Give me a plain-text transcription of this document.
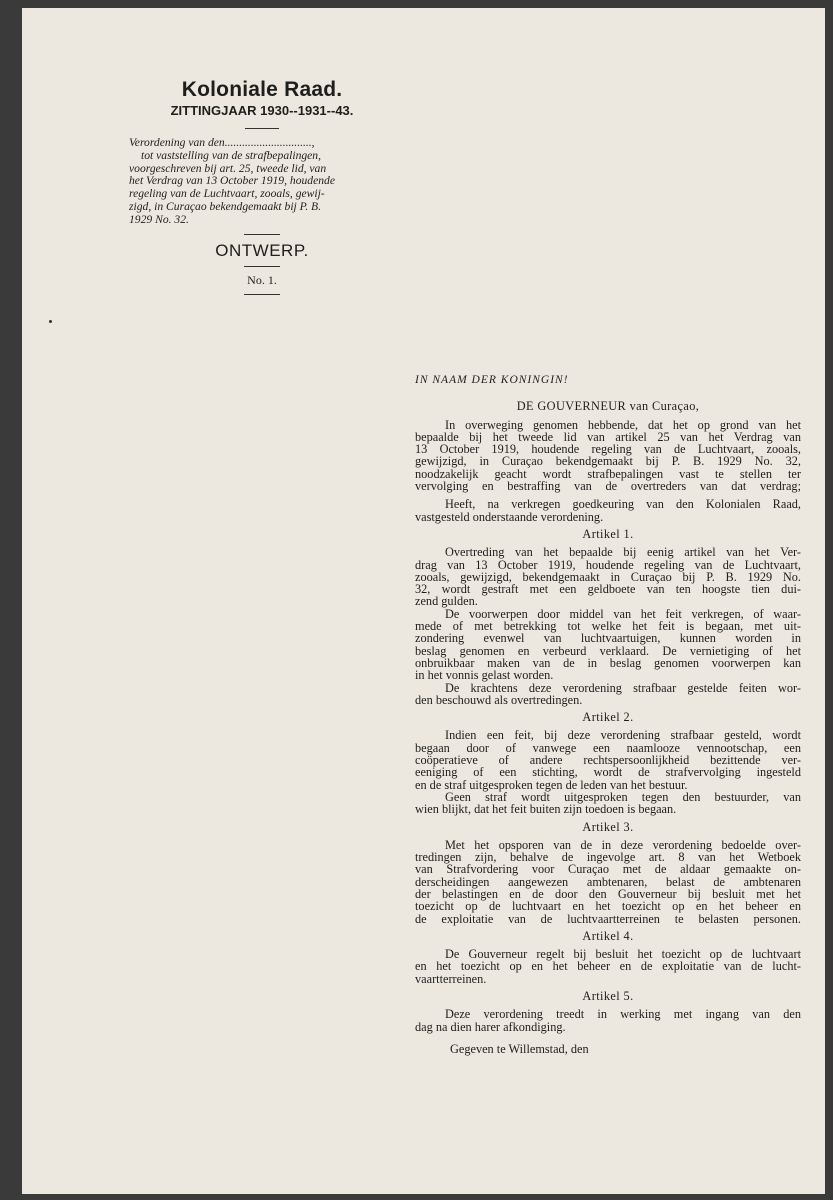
Koloniale Raad.

ZITTINGJAAR 1930--1931--43.

Verordening van den..............................,
tot vaststelling van de strafbepalingen,
voorgeschreven bij art. 25, tweede lid, van
het Verdrag van 13 October 1919, houdende
regeling van de Luchtvaart, zooals, gewij-
zigd, in Curaçao bekendgemaakt bij P. B.
1929 No. 32.

ONTWERP.

No. 1.

IN NAAM DER KONINGIN!

DE GOUVERNEUR van Curaçao,

In overweging genomen hebbende, dat het op grond van het
bepaalde bij het tweede lid van artikel 25 van het Verdrag van
13 October 1919, houdende regeling van de Luchtvaart, zooals,
gewijzigd, in Curaçao bekendgemaakt bij P. B. 1929 No. 32,
noodzakelijk geacht wordt strafbepalingen vast te stellen ter
vervolging en bestraffing van de overtreders van dat verdrag;

Heeft, na verkregen goedkeuring van den Kolonialen Raad,
vastgesteld onderstaande verordening.

Artikel 1.

Overtreding van het bepaalde bij eenig artikel van het Ver-
drag van 13 October 1919, houdende regeling van de Luchtvaart,
zooals, gewijzigd, bekendgemaakt in Curaçao bij P. B. 1929 No.
32, wordt gestraft met een geldboete van ten hoogste tien dui-
zend gulden.

De voorwerpen door middel van het feit verkregen, of waar-
mede of met betrekking tot welke het feit is begaan, met uit-
zondering evenwel van luchtvaartuigen, kunnen worden in
beslag genomen en verbeurd verklaard. De vernietiging of het
onbruikbaar maken van de in beslag genomen voorwerpen kan
in het vonnis gelast worden.

De krachtens deze verordening strafbaar gestelde feiten wor-
den beschouwd als overtredingen.

Artikel 2.

Indien een feit, bij deze verordening strafbaar gesteld, wordt
begaan door of vanwege een naamlooze vennootschap, een
coöperatieve of andere rechtspersoonlijkheid bezittende ver-
eeniging of een stichting, wordt de strafvervolging ingesteld
en de straf uitgesproken tegen de leden van het bestuur.

Geen straf wordt uitgesproken tegen den bestuurder, van
wien blijkt, dat het feit buiten zijn toedoen is begaan.

Artikel 3.

Met het opsporen van de in deze verordening bedoelde over-
tredingen zijn, behalve de ingevolge art. 8 van het Wetboek
van Strafvordering voor Curaçao met de aldaar gemaakte on-
derscheidingen aangewezen ambtenaren, belast de ambtenaren
der belastingen en de door den Gouverneur bij besluit met het
toezicht op de luchtvaart en het toezicht op en het beheer en
de exploitatie van de luchtvaartterreinen te belasten personen.

Artikel 4.

De Gouverneur regelt bij besluit het toezicht op de luchtvaart
en het toezicht op en het beheer en de exploitatie van de lucht-
vaartterreinen.

Artikel 5.

Deze verordening treedt in werking met ingang van den
dag na dien harer afkondiging.

Gegeven te Willemstad, den
